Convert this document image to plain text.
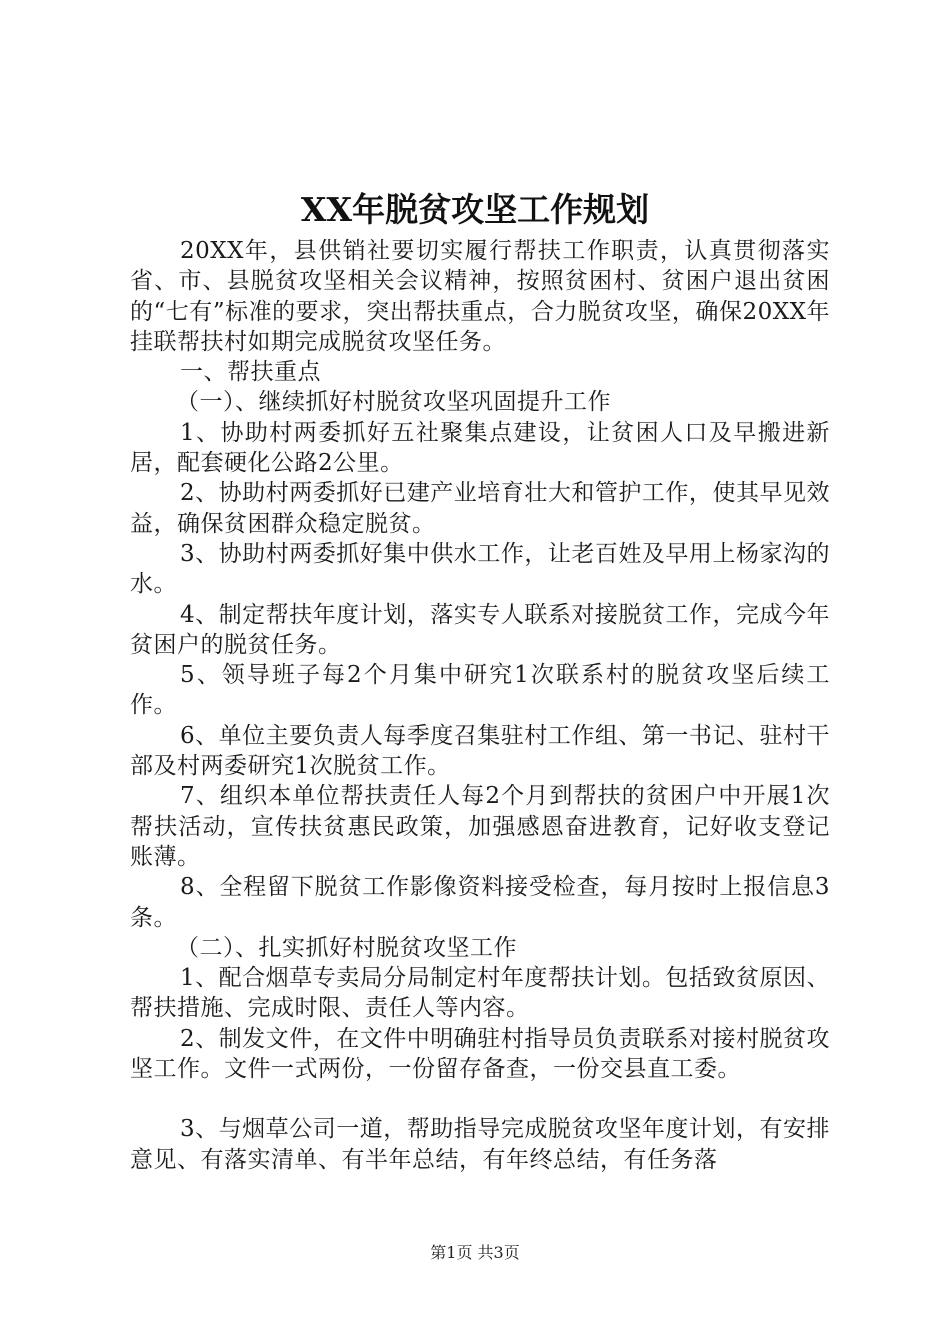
XX年脱贫攻坚工作规划

20XX年，县供销社要切实履行帮扶工作职责，认真贯彻落实省、市、县脱贫攻坚相关会议精神，按照贫困村、贫困户退出贫困的“七有”标准的要求，突出帮扶重点，合力脱贫攻坚，确保20XX年挂联帮扶村如期完成脱贫攻坚任务。

一、帮扶重点

（一）、继续抓好村脱贫攻坚巩固提升工作

1、协助村两委抓好五社聚集点建设，让贫困人口及早搬进新居，配套硬化公路2公里。

2、协助村两委抓好已建产业培育壮大和管护工作，使其早见效益，确保贫困群众稳定脱贫。

3、协助村两委抓好集中供水工作，让老百姓及早用上杨家沟的水。

4、制定帮扶年度计划，落实专人联系对接脱贫工作，完成今年贫困户的脱贫任务。

5、领导班子每2个月集中研究1次联系村的脱贫攻坚后续工作。

6、单位主要负责人每季度召集驻村工作组、第一书记、驻村干部及村两委研究1次脱贫工作。

7、组织本单位帮扶责任人每2个月到帮扶的贫困户中开展1次帮扶活动，宣传扶贫惠民政策，加强感恩奋进教育，记好收支登记账薄。

8、全程留下脱贫工作影像资料接受检查，每月按时上报信息3条。

（二）、扎实抓好村脱贫攻坚工作

1、配合烟草专卖局分局制定村年度帮扶计划。包括致贫原因、帮扶措施、完成时限、责任人等内容。

2、制发文件，在文件中明确驻村指导员负责联系对接村脱贫攻坚工作。文件一式两份，一份留存备查，一份交县直工委。

3、与烟草公司一道，帮助指导完成脱贫攻坚年度计划，有安排意见、有落实清单、有半年总结，有年终总结，有任务落

第1页 共3页
